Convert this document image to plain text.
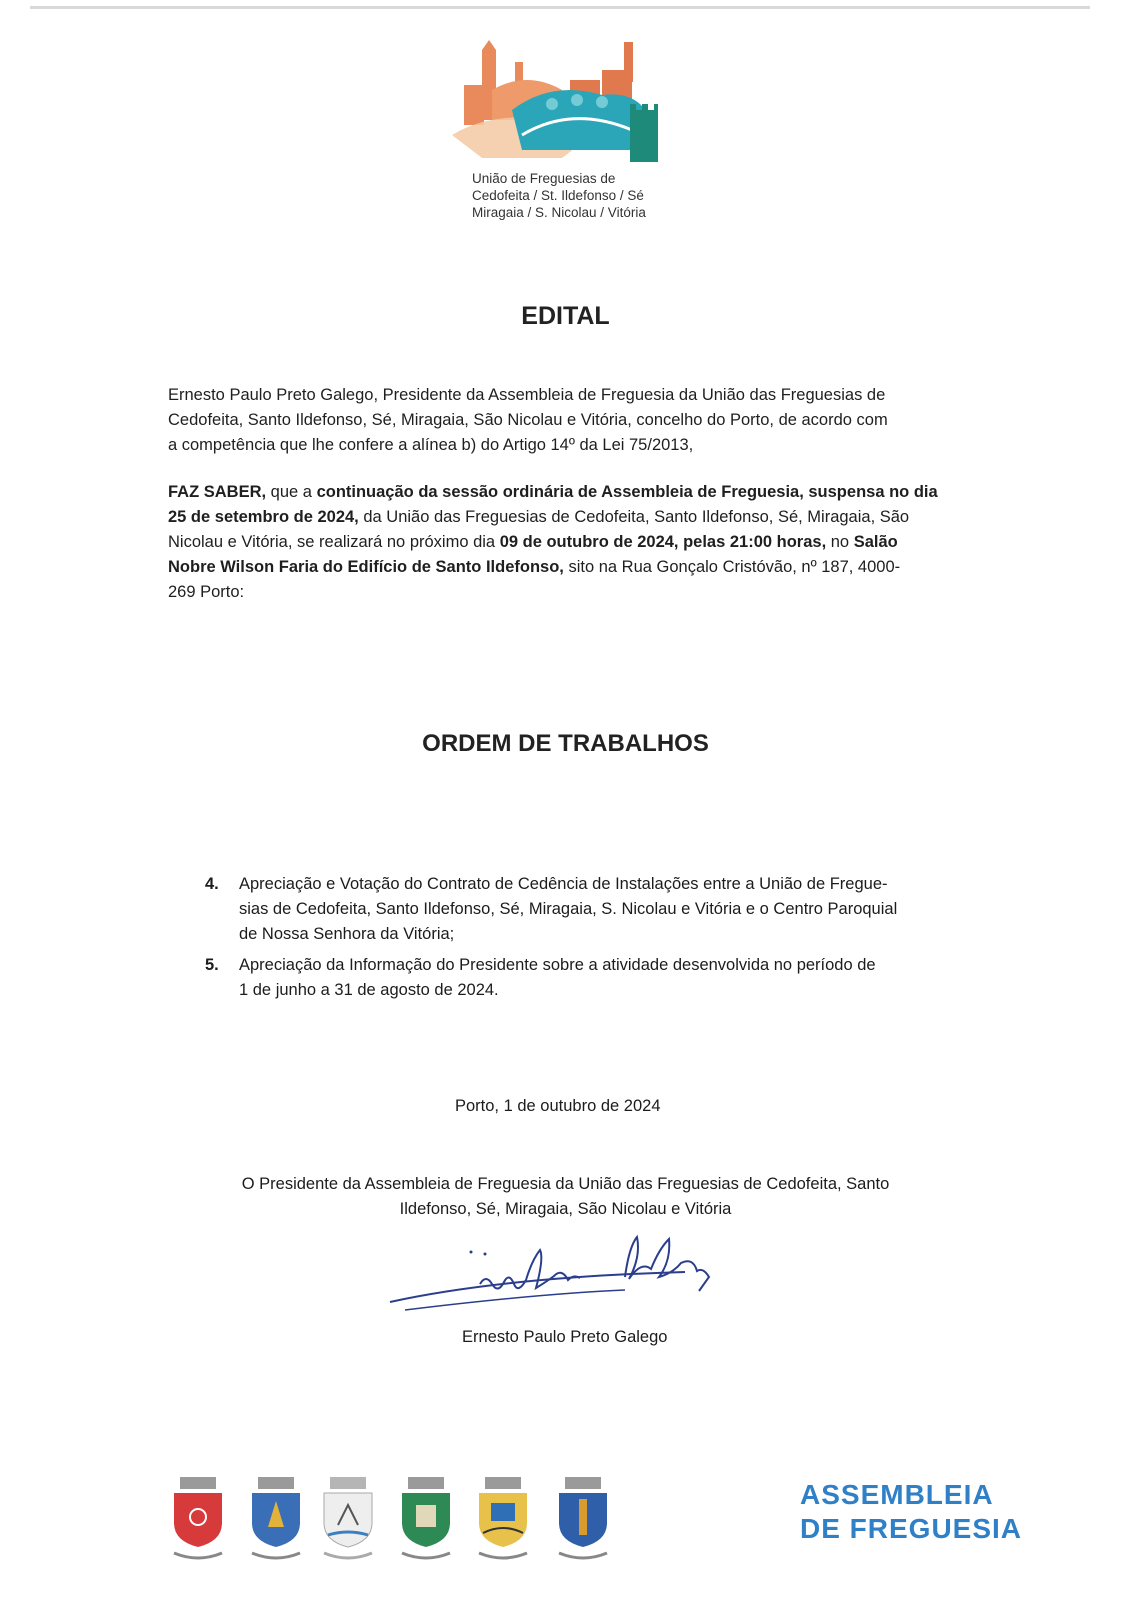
União de Freguesias de
Cedofeita / St. Ildefonso / Sé
Miragaia / S. Nicolau / Vitória
EDITAL
Ernesto Paulo Preto Galego, Presidente da Assembleia de Freguesia da União das Freguesias de
Cedofeita, Santo Ildefonso, Sé, Miragaia, São Nicolau e Vitória, concelho do Porto, de acordo com
a competência que lhe confere a alínea b) do Artigo 14º da Lei 75/2013,
FAZ SABER, que a continuação da sessão ordinária de Assembleia de Freguesia, suspensa no dia
25 de setembro de 2024, da União das Freguesias de Cedofeita, Santo Ildefonso, Sé, Miragaia, São
Nicolau e Vitória, se realizará no próximo dia 09 de outubro de 2024, pelas 21:00 horas, no Salão
Nobre Wilson Faria do Edifício de Santo Ildefonso, sito na Rua Gonçalo Cristóvão, nº 187, 4000-
269 Porto:
ORDEM DE TRABALHOS
4. Apreciação e Votação do Contrato de Cedência de Instalações entre a União de Fregue-
sias de Cedofeita, Santo Ildefonso, Sé, Miragaia, S. Nicolau e Vitória e o Centro Paroquial
de Nossa Senhora da Vitória;
5. Apreciação da Informação do Presidente sobre a atividade desenvolvida no período de
1 de junho a 31 de agosto de 2024.
Porto, 1 de outubro de 2024
O Presidente da Assembleia de Freguesia da União das Freguesias de Cedofeita, Santo
Ildefonso, Sé, Miragaia, São Nicolau e Vitória
Ernesto Paulo Preto Galego
ASSEMBLEIA
DE FREGUESIA
